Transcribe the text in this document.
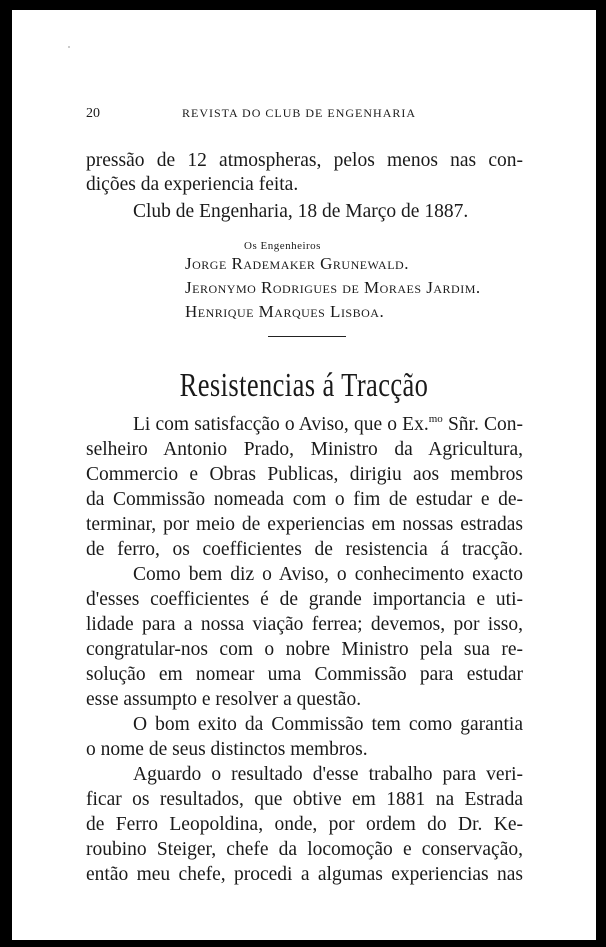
20	REVISTA DO CLUB DE ENGENHARIA
pressão de 12 atmospheras, pelos menos nas con-
dições da experiencia feita.
Club de Engenharia, 18 de Março de 1887.
Os Engenheiros
Jorge Rademaker Grunewald.
Jeronymo Rodrigues de Moraes Jardim.
Henrique Marques Lisboa.
Resistencias á Tracção
Li com satisfacção o Aviso, que o Ex.$^{mo}$ Sñr. Con-
selheiro Antonio Prado, Ministro da Agricultura,
Commercio e Obras Publicas, dirigiu aos membros
da Commissão nomeada com o fim de estudar e de-
terminar, por meio de experiencias em nossas estradas
de ferro, os coefficientes de resistencia á tracção.
Como bem diz o Aviso, o conhecimento exacto
d'esses coefficientes é de grande importancia e uti-
lidade para a nossa viação ferrea; devemos, por isso,
congratular-nos com o nobre Ministro pela sua re-
solução em nomear uma Commissão para estudar
esse assumpto e resolver a questão.
O bom exito da Commissão tem como garantia
o nome de seus distinctos membros.
Aguardo o resultado d'esse trabalho para veri-
ficar os resultados, que obtive em 1881 na Estrada
de Ferro Leopoldina, onde, por ordem do Dr. Ke-
roubino Steiger, chefe da locomoção e conservação,
então meu chefe, procedi a algumas experiencias nas
